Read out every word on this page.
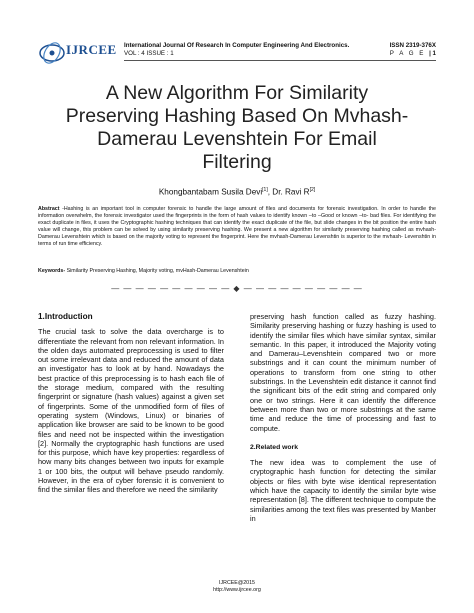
IJRCEE International Journal Of Research In Computer Engineering And Electronics.
VOL : 4 ISSUE : 1
ISSN 2319-376X
P A G E | 1
A New Algorithm For Similarity Preserving Hashing Based On Mvhash-Damerau Levenshtein For Email Filtering
Khongbantabam Susila Devi[1], Dr. Ravi R[2]
Abstract -Hashing is an important tool in computer forensic to handle the large amount of files and documents for forensic investigation. In order to handle the information overwhelm, the forensic investigator used the fingerprints in the form of hash values to identify known –to –Good or known –to- bad files. For identifying the exact duplicate in files, it uses the Cryptographic hashing techniques that can identify the exact duplicate of the file, but slide changes in the bit position the entire hash value will change, this problem can be solved by using similarity preserving hashing. We present a new algorithm for similarity preserving hashing called as mvhash-Damerau Levenshtein which is based on the majority voting to represent the fingerprint. Here the mvhash-Damerau Levenshtin is superior to the mvhash- Levenshtin in terms of run time efficiency.
Keywords- Similarity Preserving Hashing, Majority voting, mvHash-Damerau Levenshtein
— — — — — — — — — — ◆ — — — — — — — — — —
1.Introduction

The crucial task to solve the data overcharge is to differentiate the relevant from non relevant information. In the olden days automated preprocessing is used to filter out some irrelevant data and reduced the amount of data an investigator has to look at by hand. Nowadays the best practice of this preprocessing is to hash each file of the storage medium, compared with the resulting fingerprint or signature (hash values) against a given set of fingerprints. Some of the unmodified form of files of operating system (Windows, Linux) or binaries of application like browser are said to be known to be good files and need not be inspected within the investigation [2]. Normally the cryptographic hash functions are used for this purpose, which have key properties: regardless of how many bits changes between two inputs for example 1 or 100 bits, the output will behave pseudo randomly. However, in the era of cyber forensic it is convenient to find the similar files and therefore we need the similarity

preserving hash function called as fuzzy hashing. Similarity preserving hashing or fuzzy hashing is used to identify the similar files which have similar syntax, similar semantic. In this paper, it introduced the Majority voting and Damerau–Levenshtein compared two or more substrings and it can count the minimum number of operations to transform from one string to other substrings. In the Levenshtein edit distance it cannot find the significant bits of the edit string and compared only one or two strings. Here it can identify the difference between more than two or more substrings at the same time and reduce the time of processing and fast to compute.

2.Related work

The new idea was to complement the use of cryptographic hash function for detecting the similar objects or files with byte wise identical representation which have the capacity to identify the similar byte wise representation [8]. The different technique to compute the similarities among the text files was presented by Manber in

IJRCEE@2015
http://www.ijrcee.org
